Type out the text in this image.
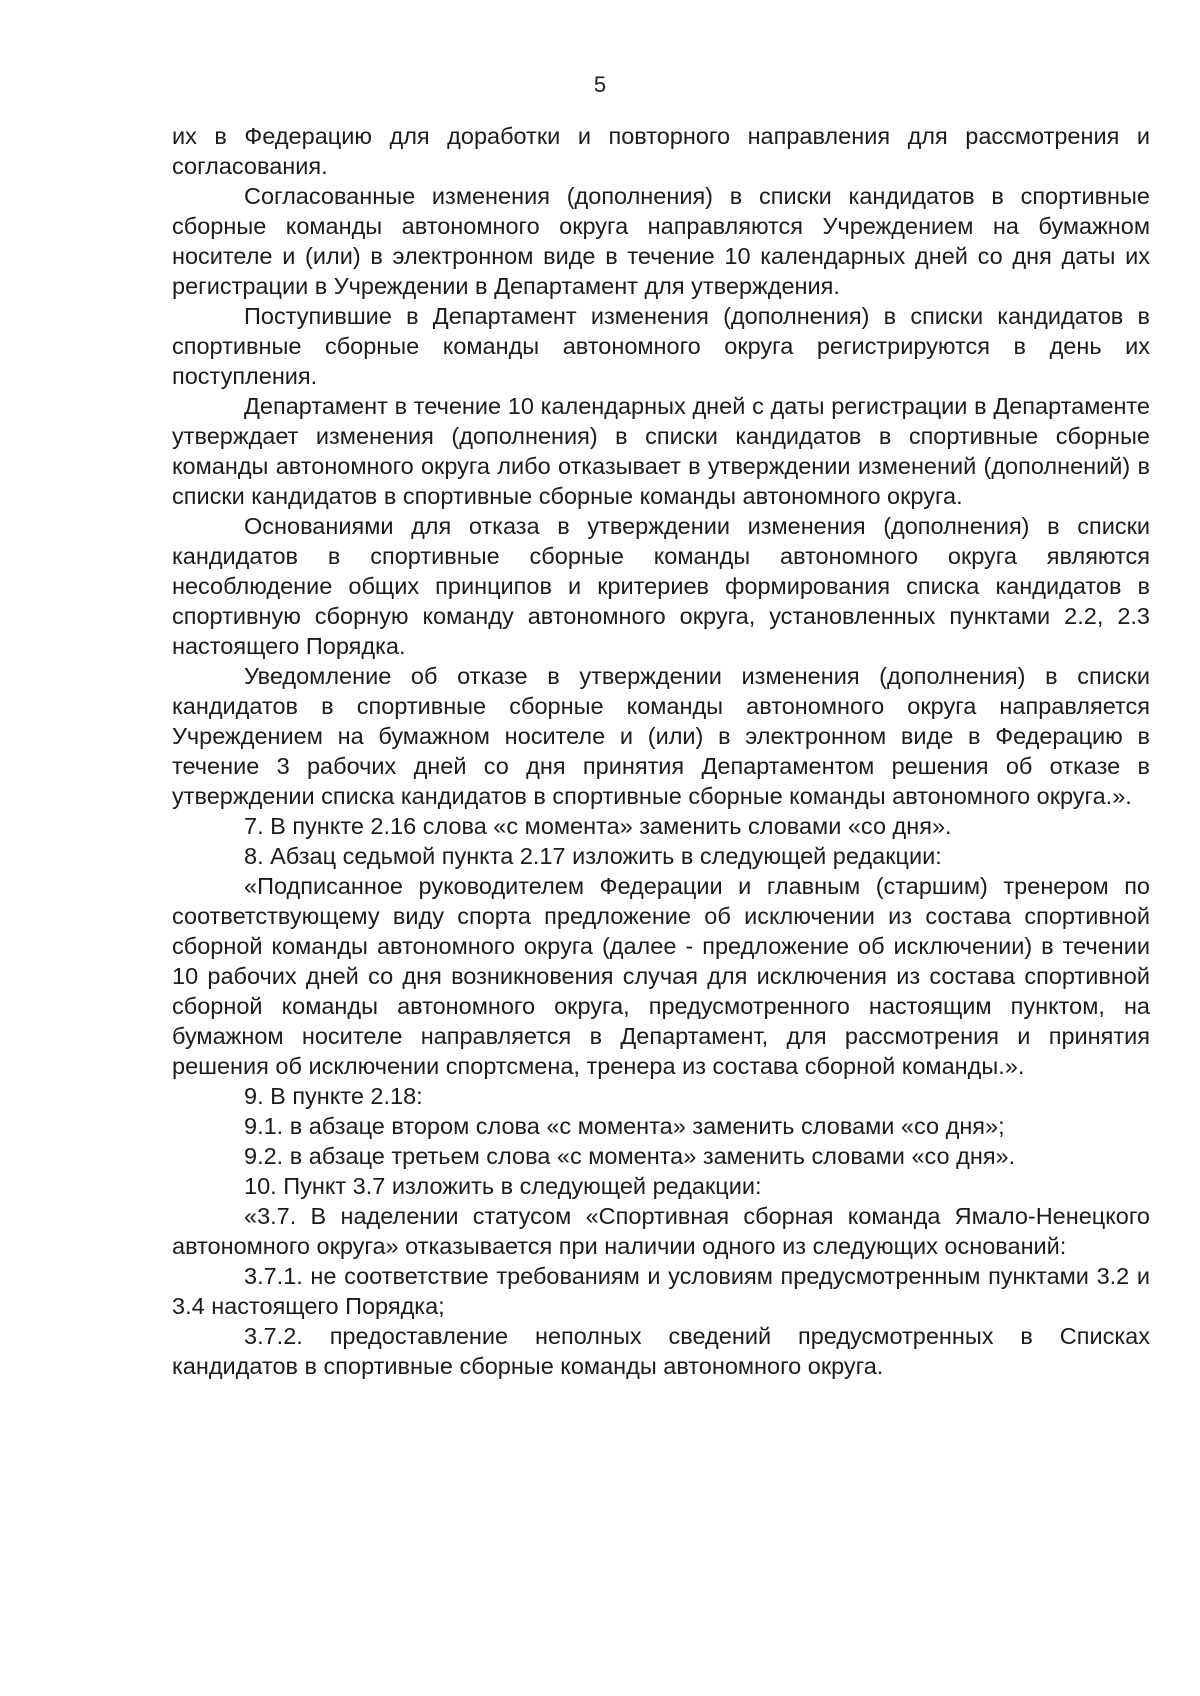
5

их в Федерацию для доработки и повторного направления для рассмотрения и согласования.

Согласованные изменения (дополнения) в списки кандидатов в спортивные сборные команды автономного округа направляются Учреждением на бумажном носителе и (или) в электронном виде в течение 10 календарных дней со дня даты их регистрации в Учреждении в Департамент для утверждения.

Поступившие в Департамент изменения (дополнения) в списки кандидатов в спортивные сборные команды автономного округа регистрируются в день их поступления.

Департамент в течение 10 календарных дней с даты регистрации в Департаменте утверждает изменения (дополнения) в списки кандидатов в спортивные сборные команды автономного округа либо отказывает в утверждении изменений (дополнений) в списки кандидатов в спортивные сборные команды автономного округа.

Основаниями для отказа в утверждении изменения (дополнения) в списки кандидатов в спортивные сборные команды автономного округа являются несоблюдение общих принципов и критериев формирования списка кандидатов в спортивную сборную команду автономного округа, установленных пунктами 2.2, 2.3 настоящего Порядка.

Уведомление об отказе в утверждении изменения (дополнения) в списки кандидатов в спортивные сборные команды автономного округа направляется Учреждением на бумажном носителе и (или) в электронном виде в Федерацию в течение 3 рабочих дней со дня принятия Департаментом решения об отказе в утверждении списка кандидатов в спортивные сборные команды автономного округа.».

7. В пункте 2.16 слова «с момента» заменить словами «со дня».

8. Абзац седьмой пункта 2.17 изложить в следующей редакции:

«Подписанное руководителем Федерации и главным (старшим) тренером по соответствующему виду спорта предложение об исключении из состава спортивной сборной команды автономного округа (далее - предложение об исключении) в течении 10 рабочих дней со дня возникновения случая для исключения из состава спортивной сборной команды автономного округа, предусмотренного настоящим пунктом, на бумажном носителе направляется в Департамент, для рассмотрения и принятия решения об исключении спортсмена, тренера из состава сборной команды.».

9. В пункте 2.18:

9.1. в абзаце втором слова «с момента» заменить словами «со дня»;

9.2. в абзаце третьем слова «с момента» заменить словами «со дня».

10. Пункт 3.7 изложить в следующей редакции:

«3.7. В наделении статусом «Спортивная сборная команда Ямало-Ненецкого автономного округа» отказывается при наличии одного из следующих оснований:

3.7.1. не соответствие требованиям и условиям предусмотренным пунктами 3.2 и 3.4 настоящего Порядка;

3.7.2. предоставление неполных сведений предусмотренных в Списках кандидатов в спортивные сборные команды автономного округа.
